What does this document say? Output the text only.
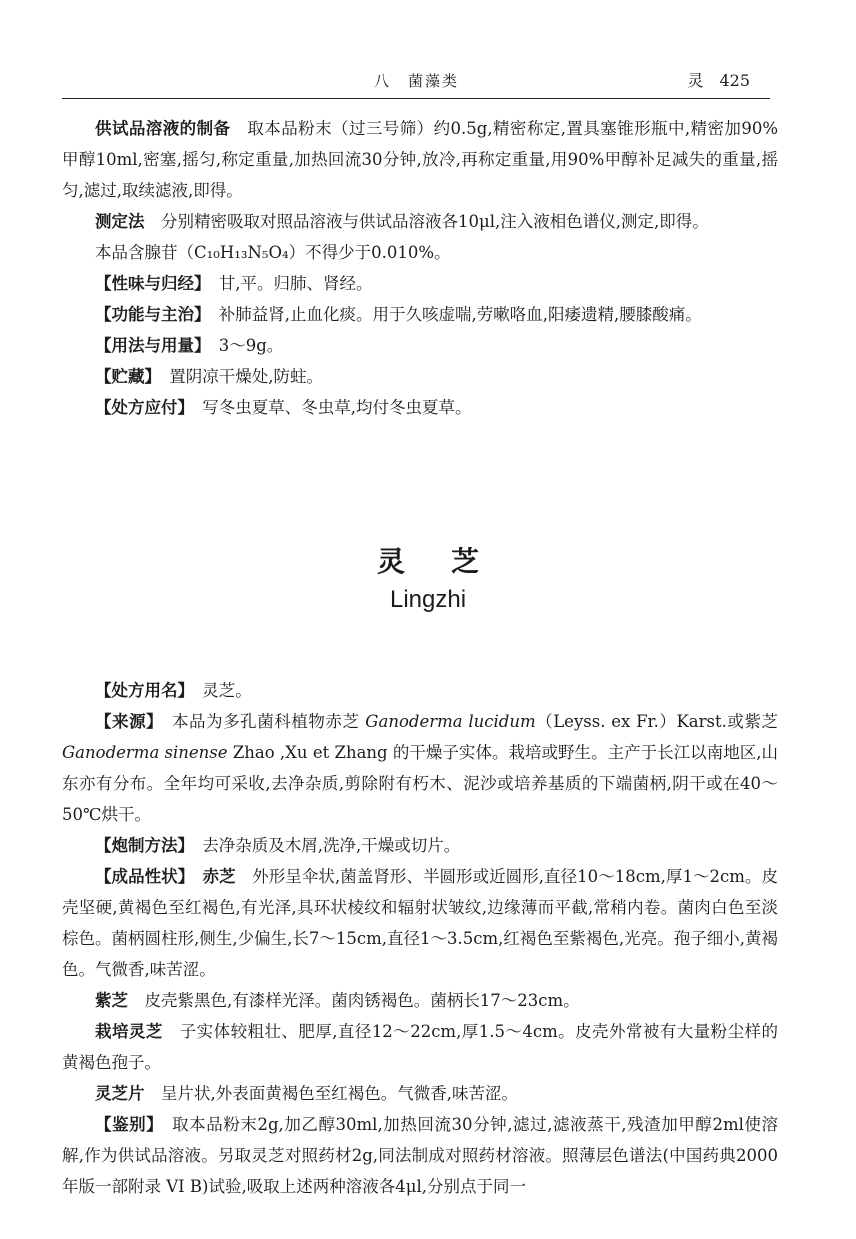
八　菌藻类	灵　425

供试品溶液的制备　 取本品粉末（过三号筛）约0.5g,精密称定,置具塞锥形瓶中,精密加90%甲醇10ml,密塞,摇匀,称定重量,加热回流30分钟,放冷,再称定重量,用90%甲醇补足减失的重量,摇匀,滤过,取续滤液,即得。

测定法　 分别精密吸取对照品溶液与供试品溶液各10μl,注入液相色谱仪,测定,即得。

本品含腺苷（C₁₀H₁₃N₅O₄）不得少于0.010%。

【性味与归经】　 甘,平。归肺、肾经。

【功能与主治】　 补肺益肾,止血化痰。用于久咳虚喘,劳嗽咯血,阳痿遗精,腰膝酸痛。

【用法与用量】　 3～9g。

【贮藏】　 置阴凉干燥处,防蛀。

【处方应付】　 写冬虫夏草、冬虫草,均付冬虫夏草。

灵芝
Lingzhi

【处方用名】　 灵芝。

【来源】　 本品为多孔菌科植物赤芝 Ganoderma lucidum（Leyss. ex Fr.）Karst.或紫芝 Ganoderma sinense Zhao ,Xu et Zhang 的干燥子实体。栽培或野生。主产于长江以南地区,山东亦有分布。全年均可采收,去净杂质,剪除附有朽木、泥沙或培养基质的下端菌柄,阴干或在40～50℃烘干。

【炮制方法】　 去净杂质及木屑,洗净,干燥或切片。

【成品性状】　 赤芝　 外形呈伞状,菌盖肾形、半圆形或近圆形,直径10～18cm,厚1～2cm。皮壳坚硬,黄褐色至红褐色,有光泽,具环状棱纹和辐射状皱纹,边缘薄而平截,常稍内卷。菌肉白色至淡棕色。菌柄圆柱形,侧生,少偏生,长7～15cm,直径1～3.5cm,红褐色至紫褐色,光亮。孢子细小,黄褐色。气微香,味苦涩。

紫芝　 皮壳紫黑色,有漆样光泽。菌肉锈褐色。菌柄长17～23cm。

栽培灵芝　 子实体较粗壮、肥厚,直径12～22cm,厚1.5～4cm。皮壳外常被有大量粉尘样的黄褐色孢子。

灵芝片　 呈片状,外表面黄褐色至红褐色。气微香,味苦涩。

【鉴别】　 取本品粉末2g,加乙醇30ml,加热回流30分钟,滤过,滤液蒸干,残渣加甲醇2ml使溶解,作为供试品溶液。另取灵芝对照药材2g,同法制成对照药材溶液。照薄层色谱法(中国药典2000年版一部附录 VI B)试验,吸取上述两种溶液各4μl,分别点于同一
